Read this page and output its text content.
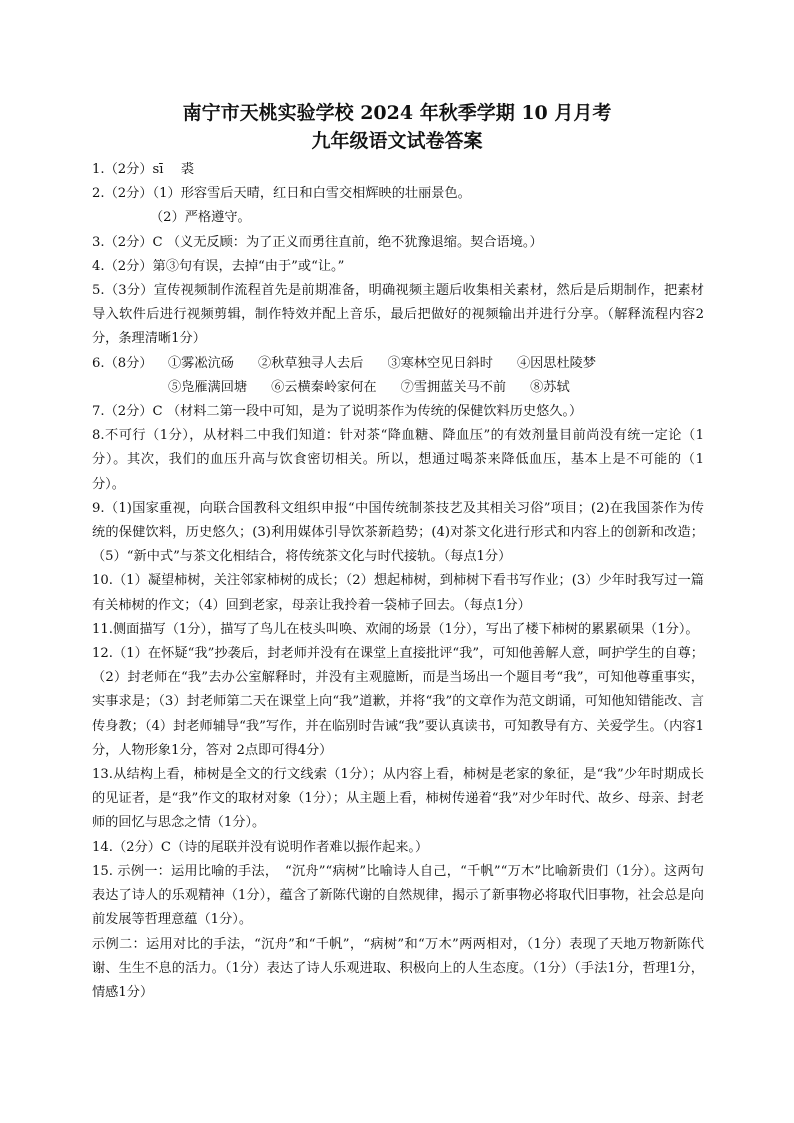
南宁市天桃实验学校 2024 年秋季学期 10 月月考
九年级语文试卷答案

1.（2分）sī　 裘

2.（2分）（1）形容雪后天晴，红日和白雪交相辉映的壮丽景色。

（2）严格遵守。

3.（2分）C （义无反顾：为了正义而勇往直前，绝不犹豫退缩。契合语境。）

4.（2分）第③句有误，去掉“由于”或“让。”

5.（3分）宣传视频制作流程首先是前期准备，明确视频主题后收集相关素材，然后是后期制作，把素材导入软件后进行视频剪辑，制作特效并配上音乐，最后把做好的视频输出并进行分享。（解释流程内容2分，条理清晰1分）

6.（8分）	①雾凇沆砀 ②秋草独寻人去后 ③寒林空见日斜时 ④因思杜陵梦
⑤凫雁满回塘 ⑥云横秦岭家何在 ⑦雪拥蓝关马不前 ⑧苏轼

7.（2分）C （材料二第一段中可知，是为了说明茶作为传统的保健饮料历史悠久。）

8.不可行（1分），从材料二中我们知道：针对茶“降血糖、降血压”的有效剂量目前尚没有统一定论（1分）。其次，我们的血压升高与饮食密切相关。所以，想通过喝茶来降低血压，基本上是不可能的（1分）。

9.（1)国家重视，向联合国教科文组织申报“中国传统制茶技艺及其相关习俗”项目；(2)在我国茶作为传统的保健饮料，历史悠久；(3)利用媒体引导饮茶新趋势；(4)对茶文化进行形式和内容上的创新和改造；（5）“新中式”与茶文化相结合，将传统茶文化与时代接轨。（每点1分）

10.（1）凝望柿树，关注邻家柿树的成长；（2）想起柿树，到柿树下看书写作业；(3）少年时我写过一篇有关柿树的作文；（4）回到老家，母亲让我拎着一袋柿子回去。（每点1分）

11.侧面描写（1分），描写了鸟儿在枝头叫唤、欢闹的场景（1分），写出了楼下柿树的累累硕果（1分）。

12.（1）在怀疑“我”抄袭后，封老师并没有在课堂上直接批评“我”，可知他善解人意，呵护学生的自尊；（2）封老师在“我”去办公室解释时，并没有主观臆断，而是当场出一个题目考“我”，可知他尊重事实，实事求是；（3）封老师第二天在课堂上向“我”道歉，并将“我”的文章作为范文朗诵，可知他知错能改、言传身教；（4）封老师辅导“我”写作，并在临别时告诫“我”要认真读书，可知教导有方、关爱学生。（内容1分，人物形象1分，答对 2点即可得4分）

13.从结构上看，柿树是全文的行文线索（1分）；从内容上看，柿树是老家的象征，是“我”少年时期成长的见证者，是“我”作文的取材对象（1分）；从主题上看，柿树传递着“我”对少年时代、故乡、母亲、封老师的回忆与思念之情（1分）。

14.（2分）C（诗的尾联并没有说明作者难以振作起来。）

15. 示例一：运用比喻的手法，　“沉舟”“病树”比喻诗人自己，“千帆”“万木”比喻新贵们（1分）。这两句表达了诗人的乐观精神（1分），蕴含了新陈代谢的自然规律，揭示了新事物必将取代旧事物，社会总是向前发展等哲理意蕴（1分）。

示例二：运用对比的手法，“沉舟”和“千帆”，“病树”和“万木”两两相对，（1分）表现了天地万物新陈代谢、生生不息的活力。（1分）表达了诗人乐观进取、积极向上的人生态度。（1分）（手法1分，哲理1分，情感1分）
